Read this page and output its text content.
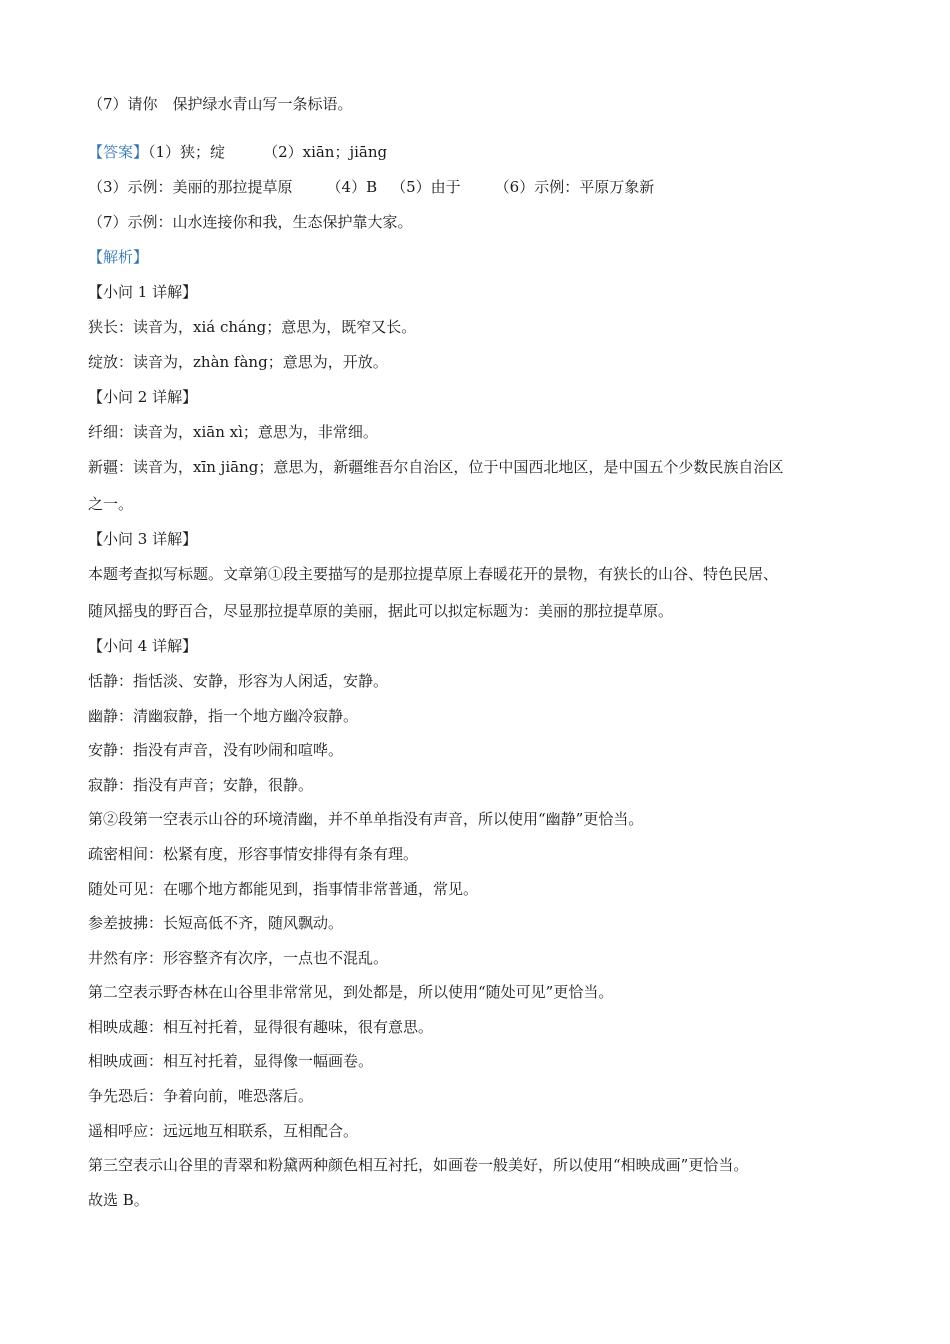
（7）请你　保护绿水青山写一条标语。
【答案】（1）狭；绽	（2）xiān；jiāng
（3）示例：美丽的那拉提草原 （4）B （5）由于 （6）示例：平原万象新
（7）示例：山水连接你和我，生态保护靠大家。
【解析】
【小问 1 详解】
狭长：读音为，xiá cháng；意思为，既窄又长。
绽放：读音为，zhàn fàng；意思为，开放。
【小问 2 详解】
纤细：读音为，xiān xì；意思为，非常细。
新疆：读音为，xīn jiāng；意思为，新疆维吾尔自治区，位于中国西北地区，是中国五个少数民族自治区
之一。
【小问 3 详解】
本题考查拟写标题。文章第①段主要描写的是那拉提草原上春暖花开的景物，有狭长的山谷、特色民居、
随风摇曳的野百合，尽显那拉提草原的美丽，据此可以拟定标题为：美丽的那拉提草原。
【小问 4 详解】
恬静：指恬淡、安静，形容为人闲适，安静。
幽静：清幽寂静，指一个地方幽冷寂静。
安静：指没有声音，没有吵闹和喧哗。
寂静：指没有声音；安静，很静。
第②段第一空表示山谷的环境清幽，并不单单指没有声音，所以使用“幽静”更恰当。
疏密相间：松紧有度，形容事情安排得有条有理。
随处可见：在哪个地方都能见到，指事情非常普通，常见。
参差披拂：长短高低不齐，随风飘动。
井然有序：形容整齐有次序，一点也不混乱。
第二空表示野杏林在山谷里非常常见，到处都是，所以使用“随处可见”更恰当。
相映成趣：相互衬托着，显得很有趣味，很有意思。
相映成画：相互衬托着，显得像一幅画卷。
争先恐后：争着向前，唯恐落后。
遥相呼应：远远地互相联系，互相配合。
第三空表示山谷里的青翠和粉黛两种颜色相互衬托，如画卷一般美好，所以使用“相映成画”更恰当。
故选 B。
